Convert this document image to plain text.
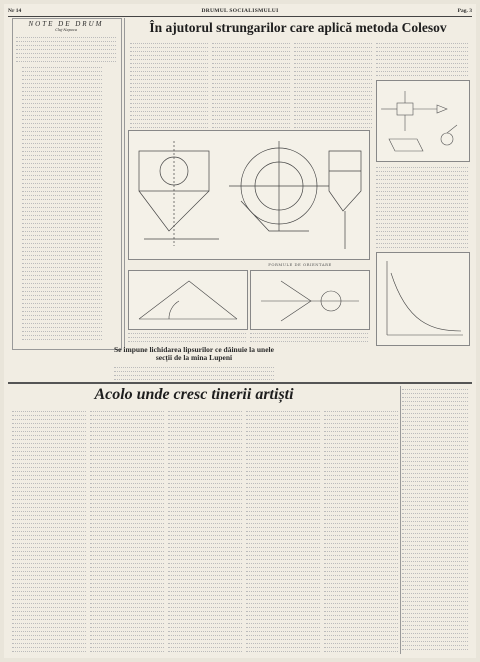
Nr 14	DRUMUL SOCIALISMULUI	Pag. 3
NOTE DE DRUM
Cluj-Napoca	În ajutorul strungarilor care aplică metoda Colesov
FORMULE DE ORIENTARE
Se impune lichidarea lipsurilor ce dăinuie la unele secții de la mina Lupeni
Acolo unde cresc tinerii artiști
